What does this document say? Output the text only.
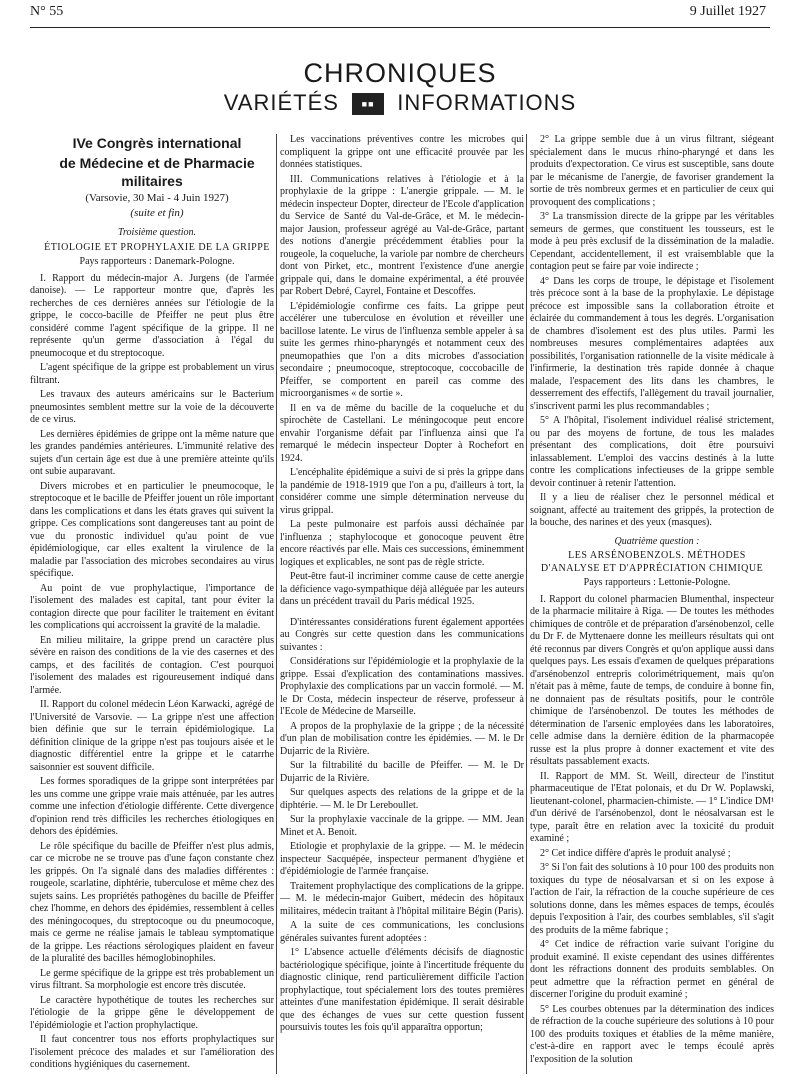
N° 55	9 Juillet 1927
CHRONIQUES
VARIÉTÉS	■■ INFORMATIONS

IVe Congrès international

de Médecine et de Pharmacie militaires

(Varsovie, 30 Mai - 4 Juin 1927)

(suite et fin)

Troisième question.

ÉTIOLOGIE ET PROPHYLAXIE DE LA GRIPPE

Pays rapporteurs : Danemark-Pologne.

I. Rapport du médecin-major A. Jurgens (de l'armée danoise). — Le rapporteur montre que, d'après les recherches de ces dernières années sur l'étiologie de la grippe, le cocco-bacille de Pfeiffer ne peut plus être considéré comme l'agent spécifique de la grippe. Il ne représente qu'un germe d'association à l'égal du pneumocoque et du streptocoque.

L'agent spécifique de la grippe est probablement un virus filtrant.

Les travaux des auteurs américains sur le Bacterium pneumosintes semblent mettre sur la voie de la découverte de ce virus.

Les dernières épidémies de grippe ont la même nature que les grandes pandémies antérieures. L'immunité relative des sujets d'un certain âge est due à une première atteinte qu'ils ont subie auparavant.

Divers microbes et en particulier le pneumocoque, le streptocoque et le bacille de Pfeiffer jouent un rôle important dans les complications et dans les états graves qui suivent la grippe. Ces complications sont dangereuses tant au point de vue du pronostic individuel qu'au point de vue épidémiologique, car elles exaltent la virulence de la maladie par l'association des microbes secondaires au virus spécifique.

Au point de vue prophylactique, l'importance de l'isolement des malades est capital, tant pour éviter la contagion directe que pour faciliter le traitement en évitant les complications qui accroissent la gravité de la maladie.

En milieu militaire, la grippe prend un caractère plus sévère en raison des conditions de la vie des casernes et des camps, et des facilités de contagion. C'est pourquoi l'isolement des malades est rigoureusement indiqué dans l'armée.

II. Rapport du colonel médecin Léon Karwacki, agrégé de l'Université de Varsovie. — La grippe n'est une affection bien définie que sur le terrain épidémiologique. La définition clinique de la grippe n'est pas toujours aisée et le diagnostic différentiel entre la grippe et le catarrhe saisonnier est souvent difficile.

Les formes sporadiques de la grippe sont interprétées par les uns comme une grippe vraie mais atténuée, par les autres comme une infection d'étiologie différente. Cette divergence d'opinion rend très difficiles les recherches étiologiques en dehors des épidémies.

Le rôle spécifique du bacille de Pfeiffer n'est plus admis, car ce microbe ne se trouve pas d'une façon constante chez les grippés. On l'a signalé dans des maladies différentes : rougeole, scarlatine, diphtérie, tuberculose et même chez des sujets sains. Les propriétés pathogènes du bacille de Pfeiffer chez l'homme, en dehors des épidémies, ressemblent à celles des méningocoques, du streptocoque ou du pneumocoque, mais ce germe ne réalise jamais le tableau symptomatique de la grippe. Les réactions sérologiques plaident en faveur de la pluralité des bacilles hémoglobinophiles.

Le germe spécifique de la grippe est très probablement un virus filtrant. Sa morphologie est encore très discutée.

Le caractère hypothétique de toutes les recherches sur l'étiologie de la grippe gêne le développement de l'épidémiologie et l'action prophylactique.

Il faut concentrer tous nos efforts prophylactiques sur l'isolement précoce des malades et sur l'amélioration des conditions hygiéniques du casernement.

Les vaccinations préventives contre les microbes qui compliquent la grippe ont une efficacité prouvée par les données statistiques.

III. Communications relatives à l'étiologie et à la prophylaxie de la grippe : L'anergie grippale. — M. le médecin inspecteur Dopter, directeur de l'Ecole d'application du Service de Santé du Val-de-Grâce, et M. le médecin-major Jausion, professeur agrégé au Val-de-Grâce, partant des notions d'anergie précédemment établies pour la rougeole, la coqueluche, la variole par nombre de chercheurs dont von Pirket, etc., montrent l'existence d'une anergie grippale qui, dans le domaine expérimental, a été prouvée par Robert Debré, Cayrel, Fontaine et Descoffes.

L'épidémiologie confirme ces faits. La grippe peut accélérer une tuberculose en évolution et réveiller une bacillose latente. Le virus de l'influenza semble appeler à sa suite les germes rhino-pharyngés et notamment ceux des pneumopathies que l'on a dits microbes d'association secondaire ; pneumocoque, streptocoque, coccobacille de Pfeiffer, se comportent en pareil cas comme des microorganismes « de sortie ».

Il en va de même du bacille de la coqueluche et du spirochète de Castellani. Le méningocoque peut encore envahir l'organisme défait par l'influenza ainsi que l'a remarqué le médecin inspecteur Dopter à Rochefort en 1924.

L'encéphalite épidémique a suivi de si près la grippe dans la pandémie de 1918-1919 que l'on a pu, d'ailleurs à tort, la considérer comme une simple détermination nerveuse du virus grippal.

La peste pulmonaire est parfois aussi déchaînée par l'influenza ; staphylocoque et gonocoque peuvent être encore réactivés par elle. Mais ces successions, éminemment logiques et explicables, ne sont pas de règle stricte.

Peut-être faut-il incriminer comme cause de cette anergie la déficience vago-sympathique déjà alléguée par les auteurs dans un précédent travail du Paris médical 1925.

D'intéressantes considérations furent également apportées au Congrès sur cette question dans les communications suivantes :

Considérations sur l'épidémiologie et la prophylaxie de la grippe. Essai d'explication des contaminations massives. Prophylaxie des complications par un vaccin formolé. — M. le Dr Costa, médecin inspecteur de réserve, professeur à l'Ecole de Médecine de Marseille.

A propos de la prophylaxie de la grippe ; de la nécessité d'un plan de mobilisation contre les épidémies. — M. le Dr Dujarric de la Rivière.

Sur la filtrabilité du bacille de Pfeiffer. — M. le Dr Dujarric de la Rivière.

Sur quelques aspects des relations de la grippe et de la diphtérie. — M. le Dr Lereboullet.

Sur la prophylaxie vaccinale de la grippe. — MM. Jean Minet et A. Benoit.

Etiologie et prophylaxie de la grippe. — M. le médecin inspecteur Sacquépée, inspecteur permanent d'hygiène et d'épidémiologie de l'armée française.

Traitement prophylactique des complications de la grippe. — M. le médecin-major Guibert, médecin des hôpitaux militaires, médecin traitant à l'hôpital militaire Bégin (Paris).

A la suite de ces communications, les conclusions générales suivantes furent adoptées :

1° L'absence actuelle d'éléments décisifs de diagnostic bactériologique spécifique, jointe à l'incertitude fréquente du diagnostic clinique, rend particulièrement difficile l'action prophylactique, tout spécialement lors des toutes premières atteintes d'une manifestation épidémique. Il serait désirable que des échanges de vues sur cette question fussent poursuivis toutes les fois qu'il apparaîtra opportun;

2° La grippe semble due à un virus filtrant, siégeant spécialement dans le mucus rhino-pharyngé et dans les produits d'expectoration. Ce virus est susceptible, sans doute par le mécanisme de l'anergie, de favoriser grandement la sortie de très nombreux germes et en particulier de ceux qui provoquent des complications ;

3° La transmission directe de la grippe par les véritables semeurs de germes, que constituent les tousseurs, est le mode à peu près exclusif de la dissémination de la maladie. Cependant, accidentellement, il est vraisemblable que la contagion peut se faire par voie indirecte ;

4° Dans les corps de troupe, le dépistage et l'isolement très précoce sont à la base de la prophylaxie. Le dépistage précoce est impossible sans la collaboration étroite et éclairée du commandement à tous les degrés. L'organisation de chambres d'isolement est des plus utiles. Parmi les nombreuses mesures complémentaires adaptées aux possibilités, l'organisation rationnelle de la visite médicale à l'infirmerie, la destination très rapide donnée à chaque malade, l'espacement des lits dans les chambres, le desserrement des effectifs, l'allègement du travail journalier, s'inscrivent parmi les plus recommandables ;

5° A l'hôpital, l'isolement individuel réalisé strictement, ou par des moyens de fortune, de tous les malades présentant des complications, doit être poursuivi inlassablement. L'emploi des vaccins destinés à la lutte contre les complications infectieuses de la grippe semble devoir continuer à retenir l'attention.

Il y a lieu de réaliser chez le personnel médical et soignant, affecté au traitement des grippés, la protection de la bouche, des narines et des yeux (masques).

Quatrième question :

LES ARSÉNOBENZOLS. MÉTHODES D'ANALYSE ET D'APPRÉCIATION CHIMIQUE

Pays rapporteurs : Lettonie-Pologne.

I. Rapport du colonel pharmacien Blumenthal, inspecteur de la pharmacie militaire à Riga. — De toutes les méthodes chimiques de contrôle et de préparation d'arsénobenzol, celle du Dr F. de Myttenaere donne les meilleurs résultats qui ont été reconnus par divers Congrès et qu'on applique aussi dans quelques pays. Les essais d'examen de quelques préparations d'arsénobenzol entrepris colorimétriquement, mais qu'on n'était pas à même, faute de temps, de conduire à bonne fin, ne donnaient pas de résultats positifs, pour le contrôle chimique de l'arsénobenzol. De toutes les méthodes de détermination de l'arsenic employées dans les laboratoires, celle admise dans la dernière édition de la pharmacopée russe est la plus propre à donner exactement et vite des résultats passablement exacts.

II. Rapport de MM. St. Weill, directeur de l'institut pharmaceutique de l'Etat polonais, et du Dr W. Poplawski, lieutenant-colonel, pharmacien-chimiste. — 1° L'indice DM¹ d'un dérivé de l'arsénobenzol, dont le néosalvarsan est le type, paraît être en relation avec la toxicité du produit examiné ;

2° Cet indice diffère d'après le produit analysé ;

3° Si l'on fait des solutions à 10 pour 100 des produits non toxiques du type de néosalvarsan et si on les expose à l'action de l'air, la réfraction de la couche supérieure de ces solutions donne, dans les mêmes espaces de temps, écoulés depuis l'exposition à l'air, des courbes semblables, s'il s'agit des produits de la même fabrique ;

4° Cet indice de réfraction varie suivant l'origine du produit examiné. Il existe cependant des usines différentes dont les réfractions donnent des produits semblables. On peut admettre que la réfraction permet en général de discerner l'origine du produit examiné ;

5° Les courbes obtenues par la détermination des indices de réfraction de la couche supérieure des solutions à 10 pour 100 des produits toxiques et établies de la même manière, c'est-à-dire en rapport avec le temps écoulé après l'exposition de la solution
